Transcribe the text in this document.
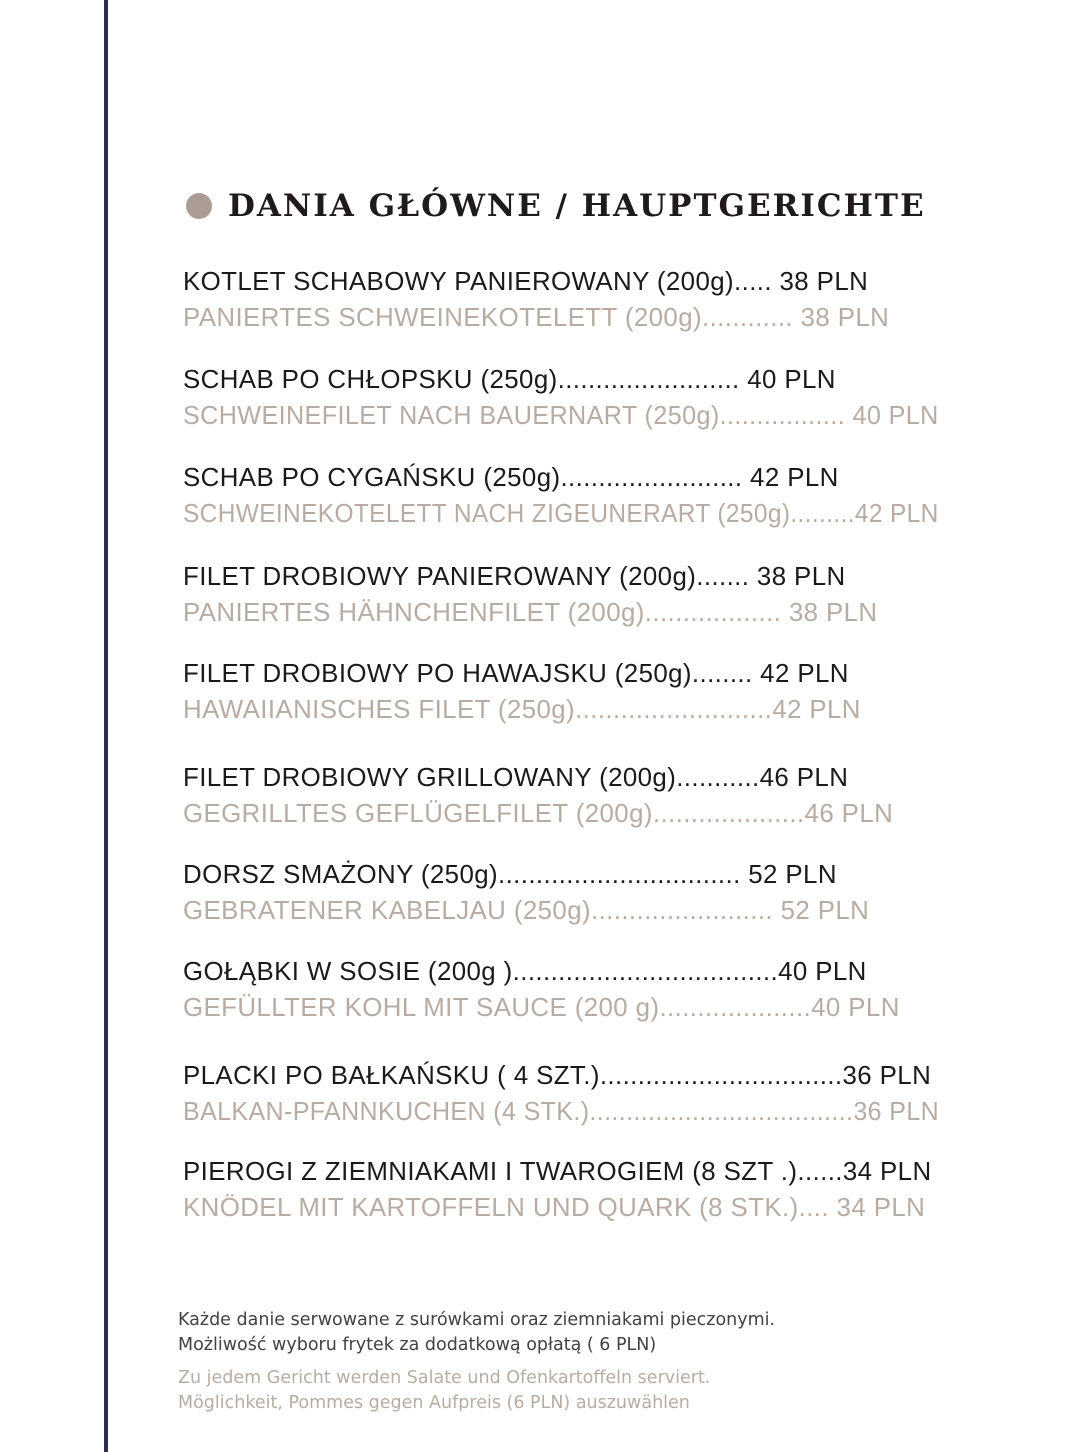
DANIA GŁÓWNE / HAUPTGERICHTE
KOTLET SCHABOWY PANIEROWANY (200g)..... 38 PLN
PANIERTES SCHWEINEKOTELETT (200g)............ 38 PLN
SCHAB PO CHŁOPSKU (250g)........................ 40 PLN
SCHWEINEFILET NACH BAUERNART (250g)................. 40 PLN
SCHAB PO CYGAŃSKU (250g)........................ 42 PLN
SCHWEINEKOTELETT NACH ZIGEUNERART (250g).........42 PLN
FILET DROBIOWY PANIEROWANY (200g)....... 38 PLN
PANIERTES HÄHNCHENFILET (200g).................. 38 PLN
FILET DROBIOWY PO HAWAJSKU (250g)........ 42 PLN
HAWAIIANISCHES FILET (250g)..........................42 PLN
FILET DROBIOWY GRILLOWANY (200g)...........46 PLN
GEGRILLTES GEFLÜGELFILET (200g)....................46 PLN
DORSZ SMAŻONY (250g)................................ 52 PLN
GEBRATENER KABELJAU (250g)........................ 52 PLN
GOŁĄBKI W SOSIE (200g )...................................40 PLN
GEFÜLLTER KOHL MIT SAUCE (200 g)....................40 PLN
PLACKI PO BAŁKAŃSKU ( 4 SZT.)................................36 PLN
BALKAN-PFANNKUCHEN (4 STK.)....................................36 PLN
PIEROGI Z ZIEMNIAKAMI I TWAROGIEM (8 SZT .)......34 PLN
KNÖDEL MIT KARTOFFELN UND QUARK (8 STK.).... 34 PLN
Każde danie serwowane z surówkami oraz ziemniakami pieczonymi.
Możliwość wyboru frytek za dodatkową opłatą ( 6 PLN)
Zu jedem Gericht werden Salate und Ofenkartoffeln serviert.
Möglichkeit, Pommes gegen Aufpreis (6 PLN) auszuwählen
